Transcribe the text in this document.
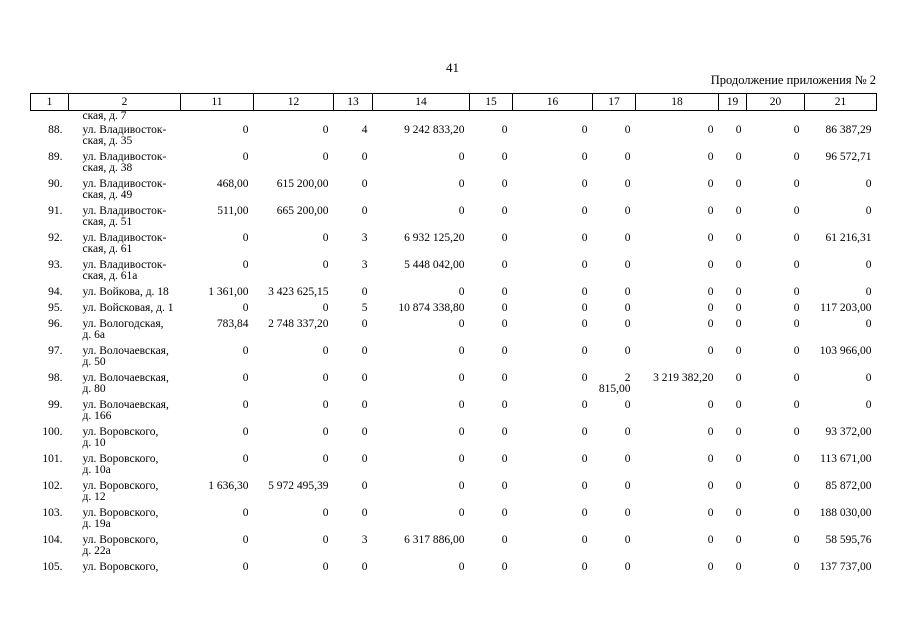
41
Продолжение приложения № 2
1	2	11	12	13	14	15	16	17	18	19	20	21
	ская, д. 7											
88.	ул. Владивосток-
ская, д. 35	0	0	4	9 242 833,20	0	0	0	0	0	0	86 387,29
89.	ул. Владивосток-
ская, д. 38	0	0	0	0	0	0	0	0	0	0	96 572,71
90.	ул. Владивосток-
ская, д. 49	468,00	615 200,00	0	0	0	0	0	0	0	0	0
91.	ул. Владивосток-
ская, д. 51	511,00	665 200,00	0	0	0	0	0	0	0	0	0
92.	ул. Владивосток-
ская, д. 61	0	0	3	6 932 125,20	0	0	0	0	0	0	61 216,31
93.	ул. Владивосток-
ская, д. 61а	0	0	3	5 448 042,00	0	0	0	0	0	0	0
94.	ул. Войкова, д. 18	1 361,00	3 423 625,15	0	0	0	0	0	0	0	0	0
95.	ул. Войсковая, д. 1	0	0	5	10 874 338,80	0	0	0	0	0	0	117 203,00
96.	ул. Вологодская,
д. 6а	783,84	2 748 337,20	0	0	0	0	0	0	0	0	0
97.	ул. Волочаевская,
д. 50	0	0	0	0	0	0	0	0	0	0	103 966,00
98.	ул. Волочаевская,
д. 80	0	0	0	0	0	0	2 815,00	3 219 382,20	0	0	0
99.	ул. Волочаевская,
д. 166	0	0	0	0	0	0	0	0	0	0	0
100.	ул. Воровского,
д. 10	0	0	0	0	0	0	0	0	0	0	93 372,00
101.	ул. Воровского,
д. 10а	0	0	0	0	0	0	0	0	0	0	113 671,00
102.	ул. Воровского,
д. 12	1 636,30	5 972 495,39	0	0	0	0	0	0	0	0	85 872,00
103.	ул. Воровского,
д. 19а	0	0	0	0	0	0	0	0	0	0	188 030,00
104.	ул. Воровского,
д. 22а	0	0	3	6 317 886,00	0	0	0	0	0	0	58 595,76
105.	ул. Воровского,	0	0	0	0	0	0	0	0	0	0	137 737,00
